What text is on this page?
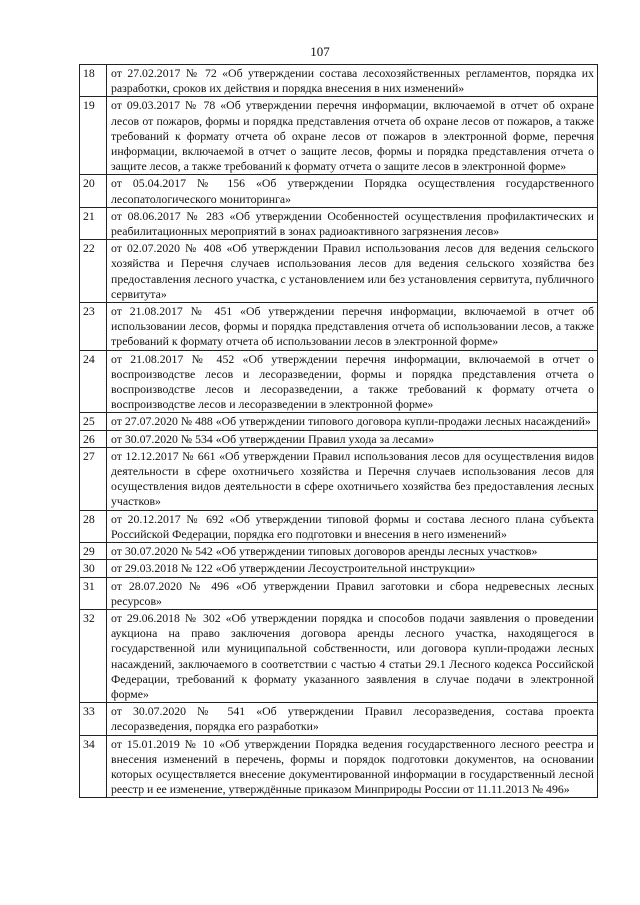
107
18	от 27.02.2017 № 72 «Об утверждении состава лесохозяйственных регламентов, порядка их разработки, сроков их действия и порядка внесения в них изменений»
19	от 09.03.2017 № 78 «Об утверждении перечня информации, включаемой в отчет об охране лесов от пожаров, формы и порядка представления отчета об охране лесов от пожаров, а также требований к формату отчета об охране лесов от пожаров в электронной форме, перечня информации, включаемой в отчет о защите лесов, формы и порядка представления отчета о защите лесов, а также требований к формату отчета о защите лесов в электронной форме»
20	от 05.04.2017 № 156 «Об утверждении Порядка осуществления государственного лесопатологического мониторинга»
21	от 08.06.2017 № 283 «Об утверждении Особенностей осуществления профилактических и реабилитационных мероприятий в зонах радиоактивного загрязнения лесов»
22	от 02.07.2020 № 408 «Об утверждении Правил использования лесов для ведения сельского хозяйства и Перечня случаев использования лесов для ведения сельского хозяйства без предоставления лесного участка, с установлением или без установления сервитута, публичного сервитута»
23	от 21.08.2017 № 451 «Об утверждении перечня информации, включаемой в отчет об использовании лесов, формы и порядка представления отчета об использовании лесов, а также требований к формату отчета об использовании лесов в электронной форме»
24	от 21.08.2017 № 452 «Об утверждении перечня информации, включаемой в отчет о воспроизводстве лесов и лесоразведении, формы и порядка представления отчета о воспроизводстве лесов и лесоразведении, а также требований к формату отчета о воспроизводстве лесов и лесоразведении в электронной форме»
25	от 27.07.2020 № 488 «Об утверждении типового договора купли-продажи лесных насаждений»
26	от 30.07.2020 № 534 «Об утверждении Правил ухода за лесами»
27	от 12.12.2017 № 661 «Об утверждении Правил использования лесов для осуществления видов деятельности в сфере охотничьего хозяйства и Перечня случаев использования лесов для осуществления видов деятельности в сфере охотничьего хозяйства без предоставления лесных участков»
28	от 20.12.2017 № 692 «Об утверждении типовой формы и состава лесного плана субъекта Российской Федерации, порядка его подготовки и внесения в него изменений»
29	от 30.07.2020 № 542 «Об утверждении типовых договоров аренды лесных участков»
30	от 29.03.2018 № 122 «Об утверждении Лесоустроительной инструкции»
31	от 28.07.2020 № 496 «Об утверждении Правил заготовки и сбора недревесных лесных ресурсов»
32	от 29.06.2018 № 302 «Об утверждении порядка и способов подачи заявления о проведении аукциона на право заключения договора аренды лесного участка, находящегося в государственной или муниципальной собственности, или договора купли-продажи лесных насаждений, заключаемого в соответствии с частью 4 статьи 29.1 Лесного кодекса Российской Федерации, требований к формату указанного заявления в случае подачи в электронной форме»
33	от 30.07.2020 № 541 «Об утверждении Правил лесоразведения, состава проекта лесоразведения, порядка его разработки»
34	от 15.01.2019 № 10 «Об утверждении Порядка ведения государственного лесного реестра и внесения изменений в перечень, формы и порядок подготовки документов, на основании которых осуществляется внесение документированной информации в государственный лесной реестр и ее изменение, утверждённые приказом Минприроды России от 11.11.2013 № 496»
